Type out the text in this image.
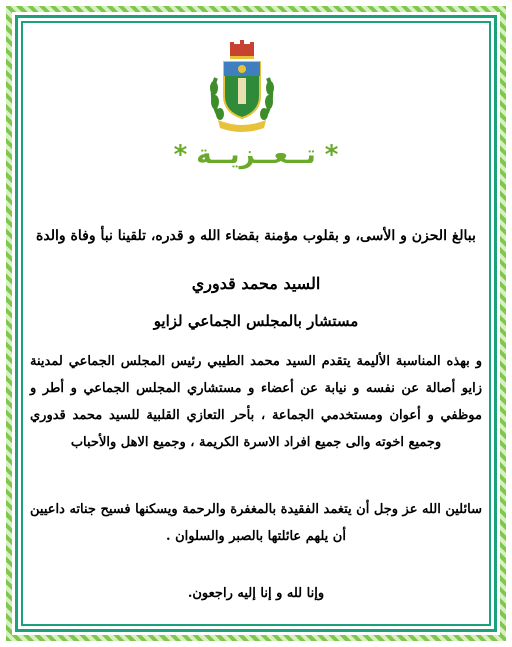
* تــعــزيــة *
ببالغ الحزن و الأسى، و بقلوب مؤمنة بقضاء الله و قدره، تلقينا نبأ وفاة والدة
السيد محمد قدوري
مستشار بالمجلس الجماعي لزايو
و بهذه المناسبة الأليمة يتقدم السيد محمد الطيبي رئيس المجلس الجماعي لمدينة
زايو أصالة عن نفسه و نيابة عن أعضاء و مستشاري المجلس الجماعي و أطر و
موظفي و أعوان ومستخدمي الجماعة ، بأحر التعازي القلبية للسيد محمد قدوري
وجميع اخوته والى جميع افراد الاسرة الكريمة ، وجميع الاهل والأحباب
سائلين الله عز وجل أن يتغمد الفقيدة بالمغفرة والرحمة ويسكنها فسيح جناته داعيين
أن يلهم عائلتها بالصبر والسلوان .
وإنا لله و إنا إليه راجعون.
